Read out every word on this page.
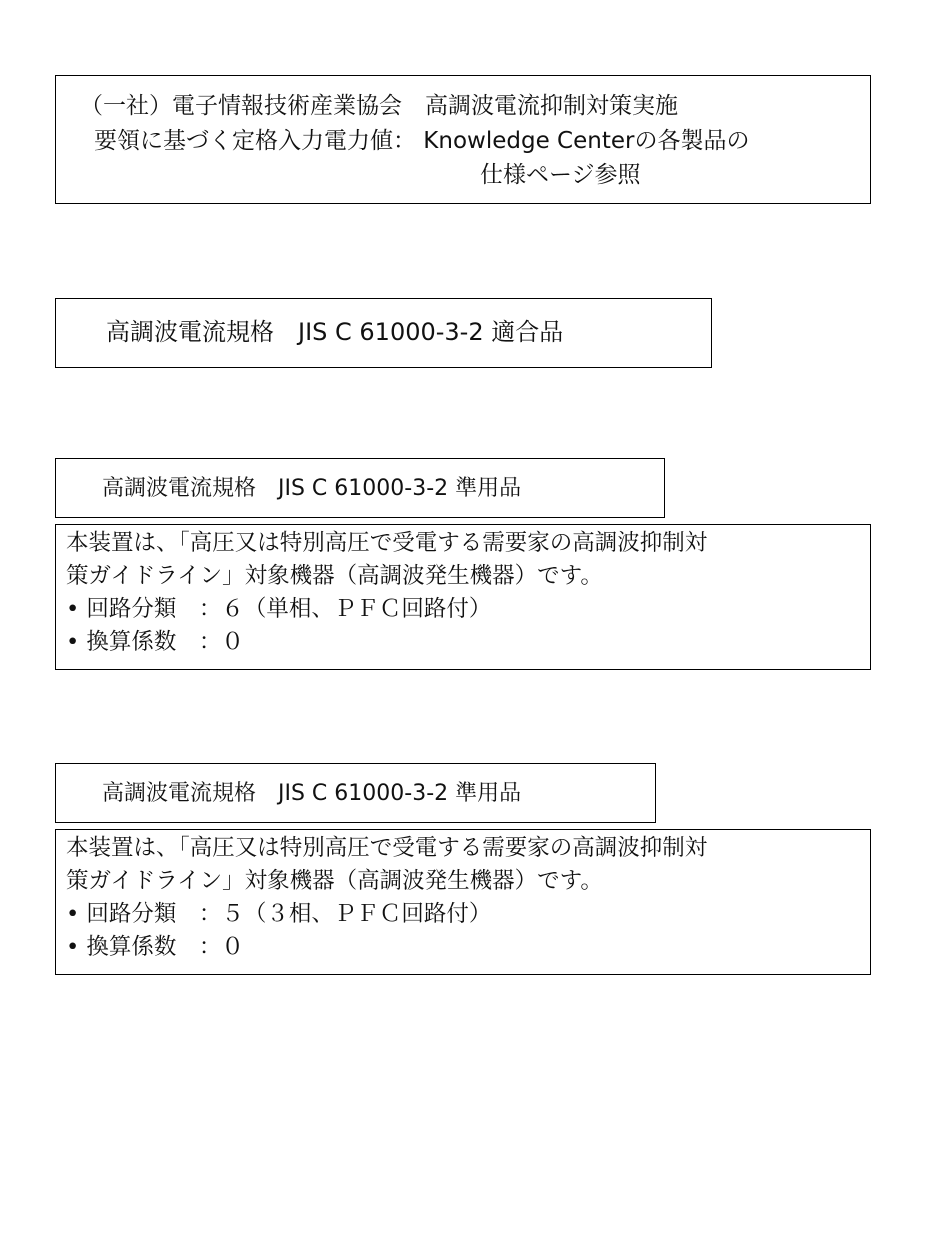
（一社）電子情報技術産業協会　高調波電流抑制対策実施
要領に基づく定格入力電力値： Knowledge Centerの各製品の
仕様ページ参照
高調波電流規格　JIS C 61000-3-2 適合品
高調波電流規格　JIS C 61000-3-2 準用品
本装置は、「高圧又は特別高圧で受電する需要家の高調波抑制対
策ガイドライン」対象機器（高調波発生機器）です。
• 回路分類　：６（単相、ＰＦＣ回路付）
• 換算係数　：０
高調波電流規格　JIS C 61000-3-2 準用品
本装置は、「高圧又は特別高圧で受電する需要家の高調波抑制対
策ガイドライン」対象機器（高調波発生機器）です。
• 回路分類　：５（３相、ＰＦＣ回路付）
• 換算係数　：０
